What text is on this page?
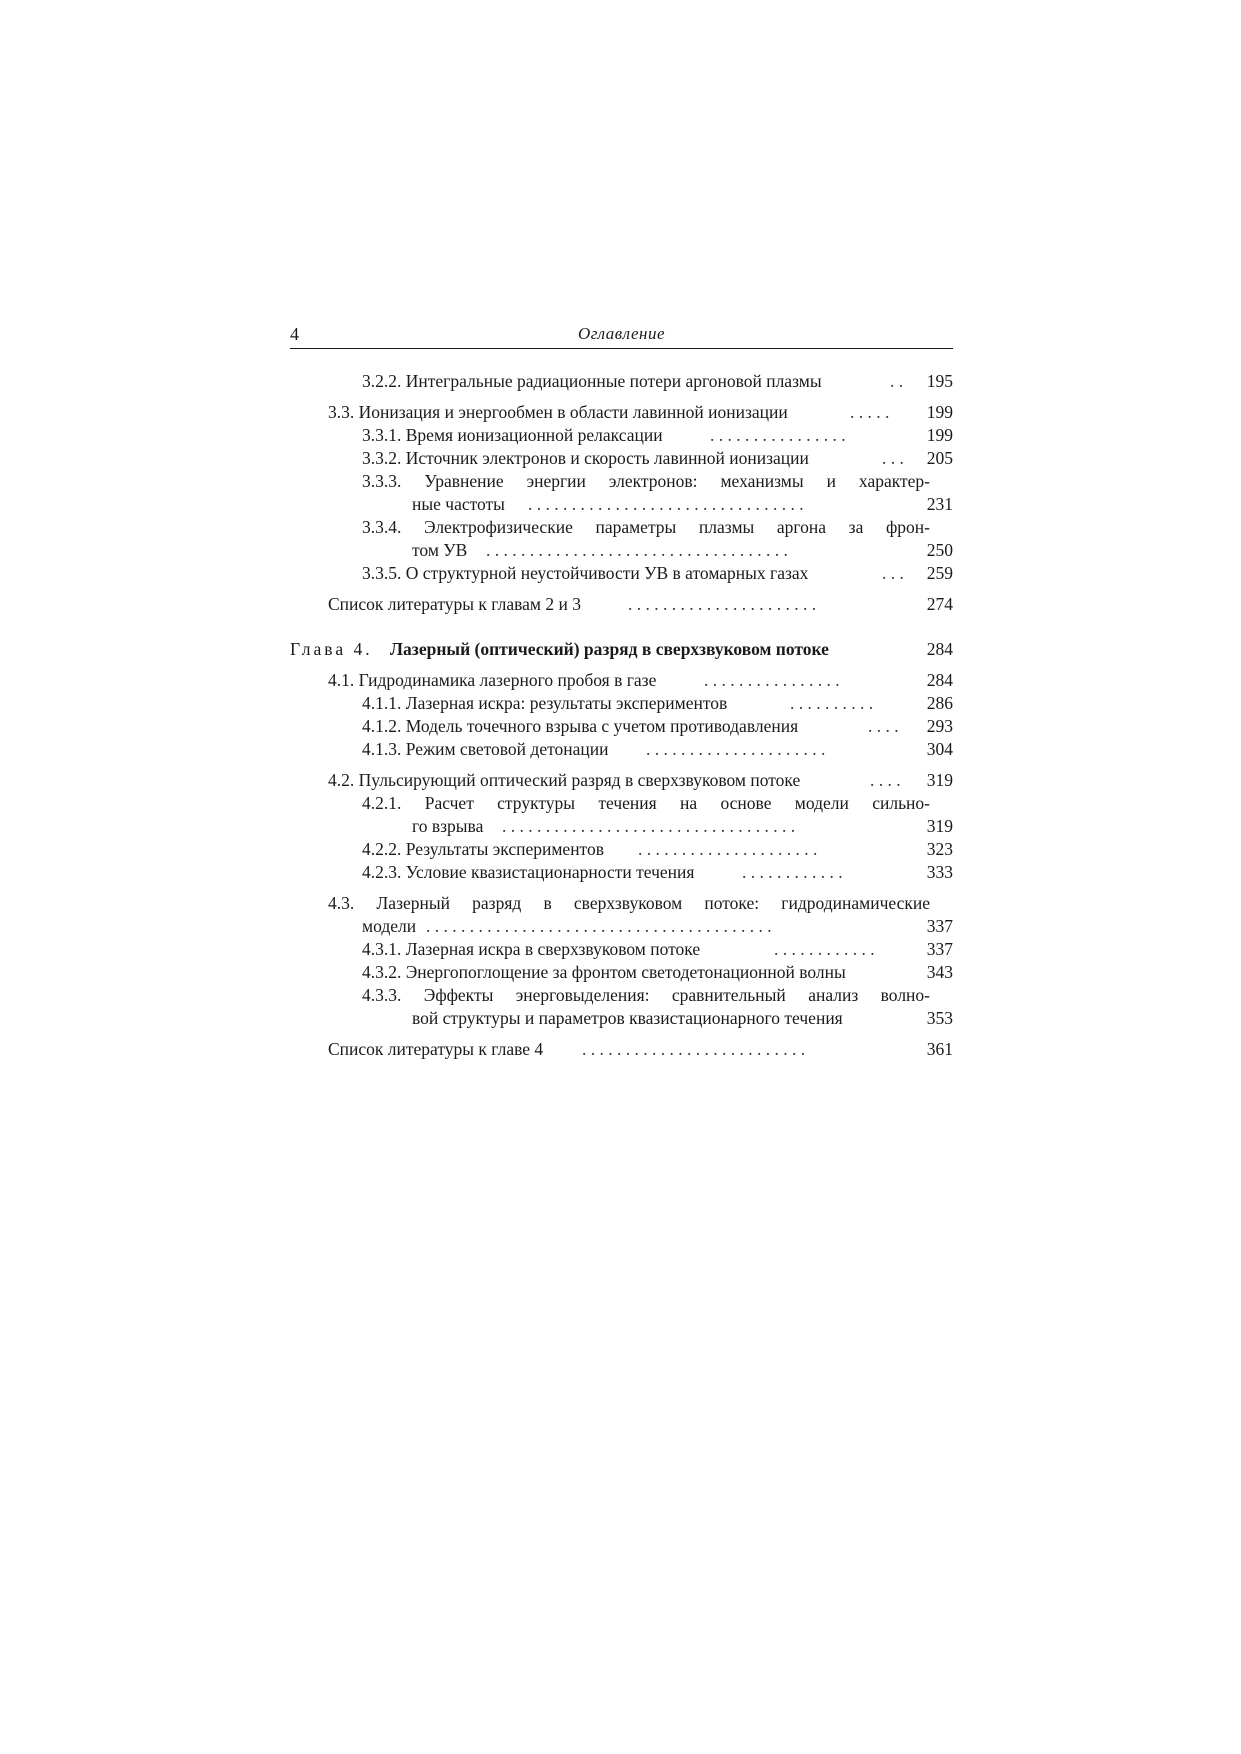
4	Оглавление
3.2.2. Интегральные радиационные потери аргоновой плазмы	. .	195
3.3. Ионизация и энергообмен в области лавинной ионизации	. . . . .	199
3.3.1. Время ионизационной релаксации	. . . . . . . . . . . . . . . .	199
3.3.2. Источник электронов и скорость лавинной ионизации	. . .	205
3.3.3. Уравнение энергии электронов: механизмы и характер-
ные частоты . . . . . . . . . . . . . . . . . . . . . . . . . . . . . . . .	231
3.3.4. Электрофизические параметры плазмы аргона за фрон-
том УВ . . . . . . . . . . . . . . . . . . . . . . . . . . . . . . . . . . .	250
3.3.5. О структурной неустойчивости УВ в атомарных газах	. . .	259
Список литературы к главам 2 и 3	. . . . . . . . . . . . . . . . . . . . . .	274
Глава 4. Лазерный (оптический) разряд в сверхзвуковом потоке	284
4.1. Гидродинамика лазерного пробоя в газе	. . . . . . . . . . . . . . . .	284
4.1.1. Лазерная искра: результаты экспериментов	. . . . . . . . . .	286
4.1.2. Модель точечного взрыва с учетом противодавления	. . . .	293
4.1.3. Режим световой детонации . . . . . . . . . . . . . . . . . . . . .	304
4.2. Пульсирующий оптический разряд в сверхзвуковом потоке	. . . .	319
4.2.1. Расчет структуры течения на основе модели сильно-
го взрыва . . . . . . . . . . . . . . . . . . . . . . . . . . . . . . . . . .	319
4.2.2. Результаты экспериментов . . . . . . . . . . . . . . . . . . . . .	323
4.2.3. Условие квазистационарности течения	. . . . . . . . . . . .	333
4.3. Лазерный разряд в сверхзвуковом потоке: гидродинамические
модели . . . . . . . . . . . . . . . . . . . . . . . . . . . . . . . . . . . . . . . .	337
4.3.1. Лазерная искра в сверхзвуковом потоке	. . . . . . . . . . . .	337
4.3.2. Энергопоглощение за фронтом светодетонационной волны	343
4.3.3. Эффекты энерговыделения: сравнительный анализ волно-
вой структуры и параметров квазистационарного течения	353
Список литературы к главе 4 . . . . . . . . . . . . . . . . . . . . . . . . . .	361
